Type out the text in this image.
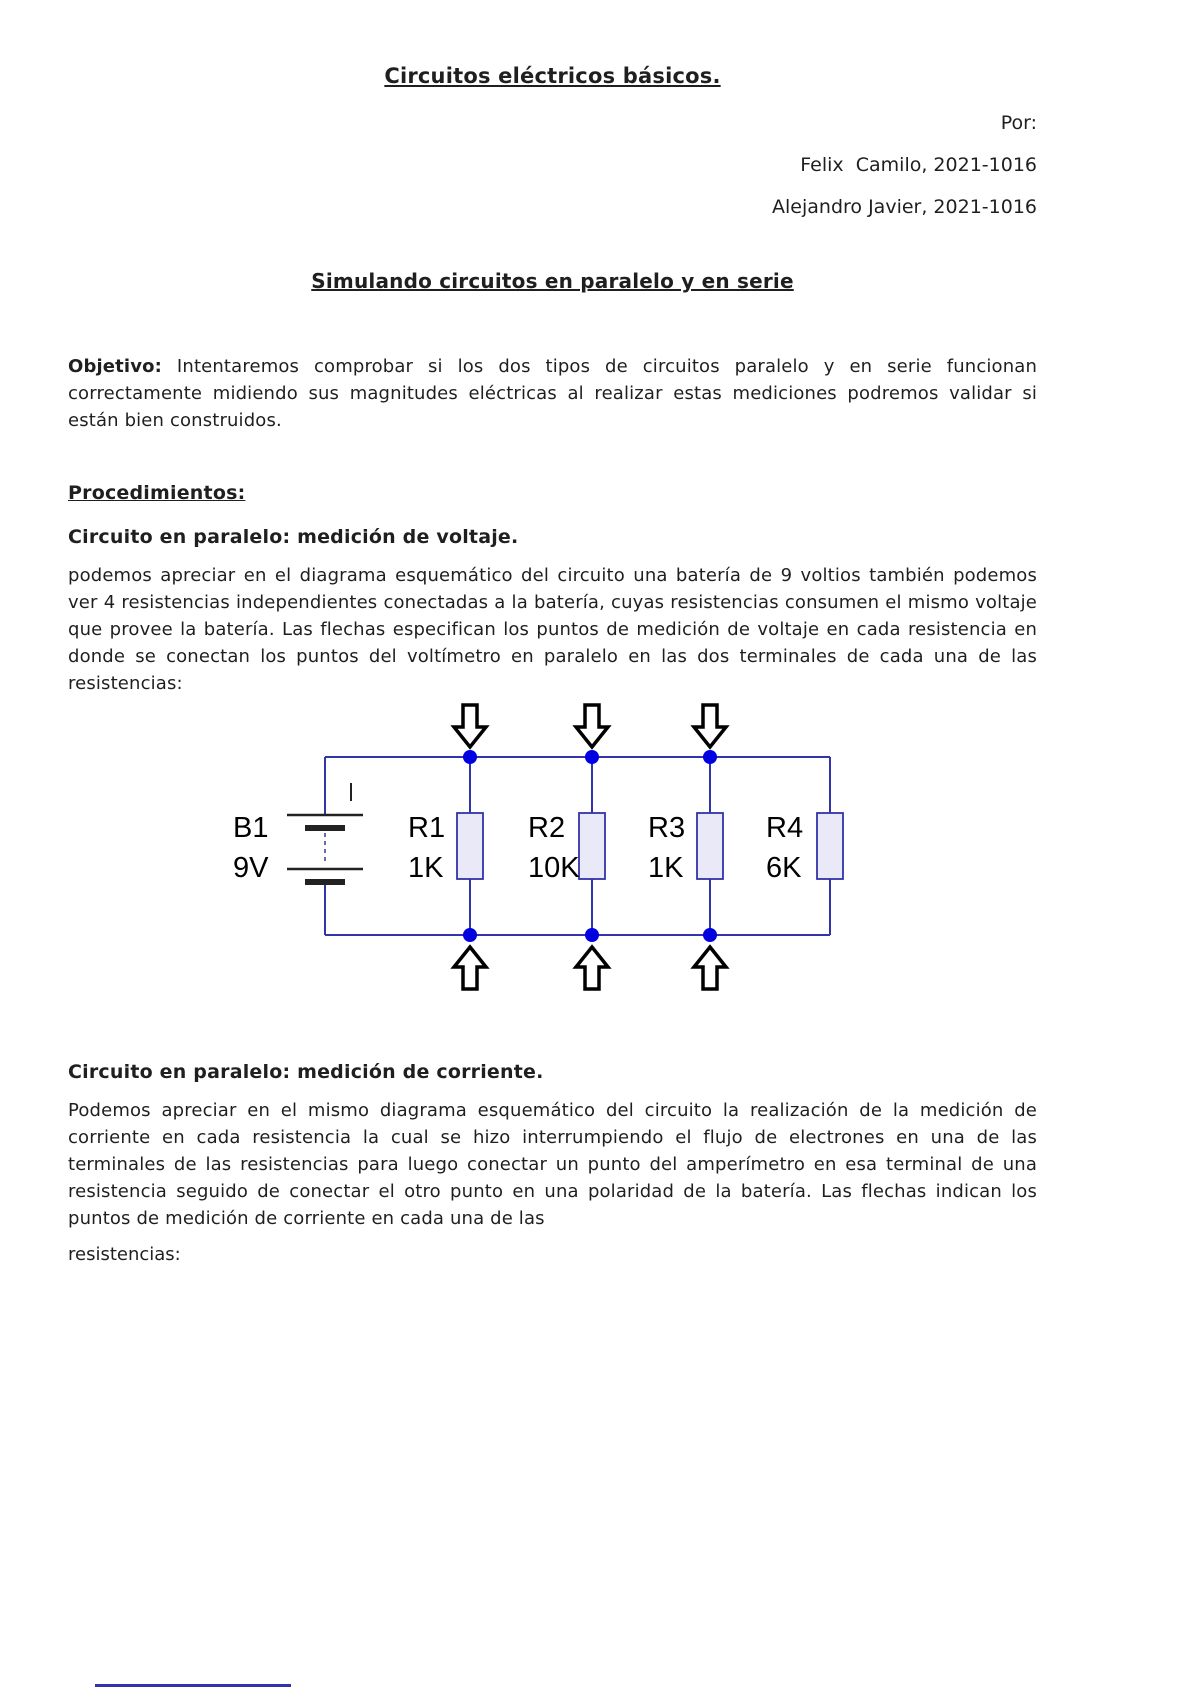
Circuitos eléctricos básicos.

Por:

Felix  Camilo, 2021-1016

Alejandro Javier, 2021-1016

Simulando circuitos en paralelo y en serie

Objetivo: Intentaremos comprobar si los dos tipos de circuitos paralelo y en serie funcionan correctamente midiendo sus magnitudes eléctricas al realizar estas mediciones podremos validar si están bien construidos.

Procedimientos:
Circuito en paralelo: medición de voltaje.

podemos apreciar en el diagrama esquemático del circuito una batería de 9 voltios también podemos ver 4 resistencias independientes conectadas a la batería, cuyas resistencias consumen el mismo voltaje que provee la batería. Las flechas especifican los puntos de medición de voltaje en cada resistencia en donde se conectan los puntos del voltímetro en paralelo en las dos terminales de cada una de las resistencias:

B1
9V
R1
1K
R2
10K
R3
1K
R4
6K
Circuito en paralelo: medición de corriente.

Podemos apreciar en el mismo diagrama esquemático del circuito la realización de la medición de corriente en cada resistencia la cual se hizo interrumpiendo el flujo de electrones en una de las terminales de las resistencias para luego conectar un punto del amperímetro en esa terminal de una resistencia seguido de conectar el otro punto en una polaridad de la batería. Las flechas indican los puntos de medición de corriente en cada una de las

resistencias:
